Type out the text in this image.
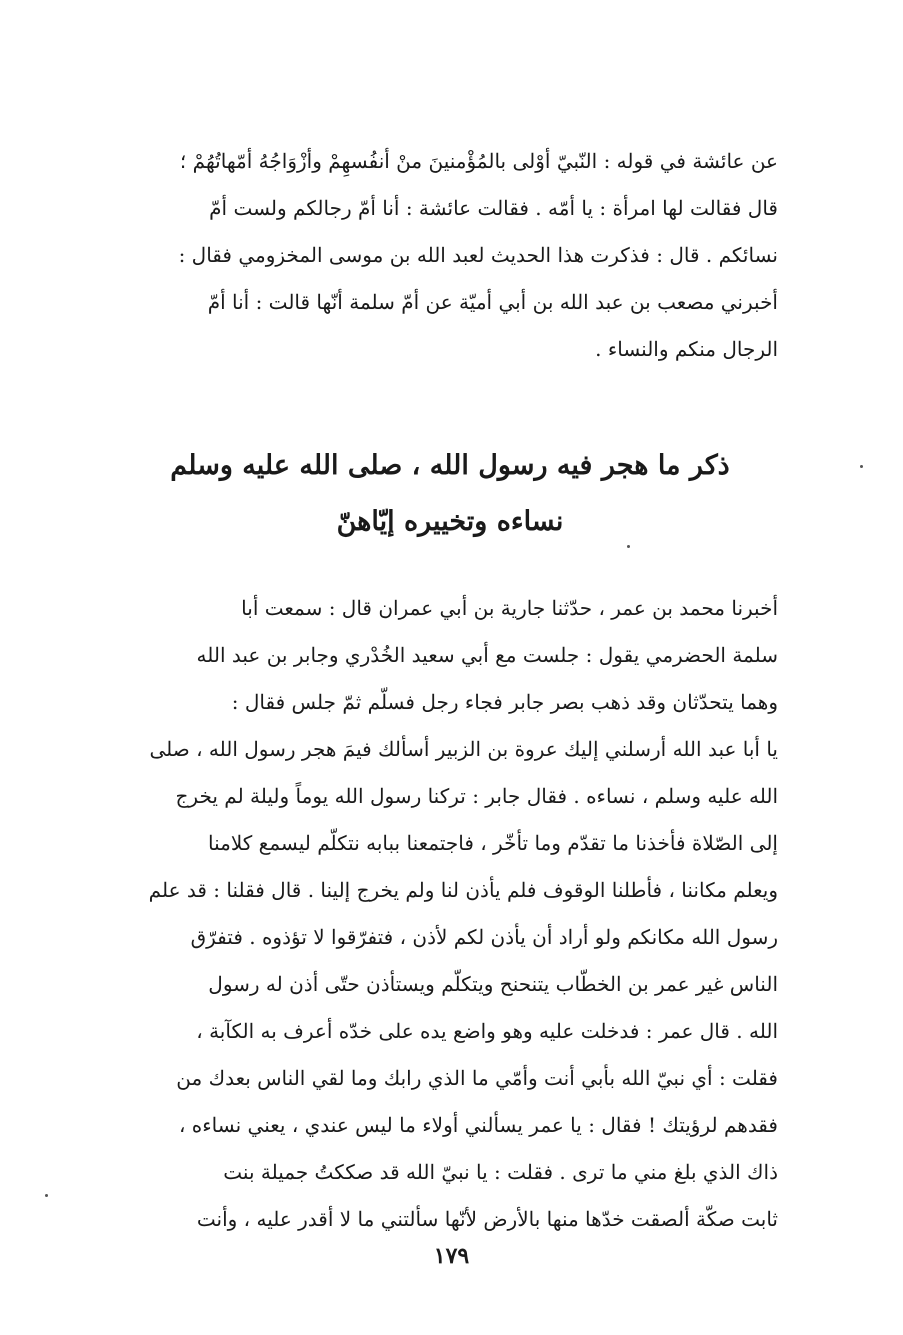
عن عائشة في قوله : النّبيّ أوْلى بالمُؤْمنينَ منْ أنفُسهِمْ وأزْوَاجُهُ أمّهاتُهُمْ ؛
قال فقالت لها امرأة : يا أمّه . فقالت عائشة : أنا أمّ رجالكم ولست أمّ
نسائكم . قال : فذكرت هذا الحديث لعبد الله بن موسى المخزومي فقال :
أخبرني مصعب بن عبد الله بن أبي أميّة عن أمّ سلمة أنّها قالت : أنا أمّ
الرجال منكم والنساء .
ذكر ما هجر فيه رسول الله ، صلى الله عليه وسلم
نساءه وتخييره إيّاهنّ
أخبرنا محمد بن عمر ، حدّثنا جارية بن أبي عمران قال : سمعت أبا
سلمة الحضرمي يقول : جلست مع أبي سعيد الخُدْري وجابر بن عبد الله
وهما يتحدّثان وقد ذهب بصر جابر فجاء رجل فسلّم ثمّ جلس فقال :
يا أبا عبد الله أرسلني إليك عروة بن الزبير أسألك فيمَ هجر رسول الله ، صلى
الله عليه وسلم ، نساءه . فقال جابر : تركنا رسول الله يوماً وليلة لم يخرج
إلى الصّلاة فأخذنا ما تقدّم وما تأخّر ، فاجتمعنا ببابه نتكلّم ليسمع كلامنا
ويعلم مكاننا ، فأطلنا الوقوف فلم يأذن لنا ولم يخرج إلينا . قال فقلنا : قد علم
رسول الله مكانكم ولو أراد أن يأذن لكم لأذن ، فتفرّقوا لا تؤذوه . فتفرّق
الناس غير عمر بن الخطّاب يتنحنح ويتكلّم ويستأذن حتّى أذن له رسول
الله . قال عمر : فدخلت عليه وهو واضع يده على خدّه أعرف به الكآبة ،
فقلت : أي نبيّ الله بأبي أنت وأمّي ما الذي رابك وما لقي الناس بعدك من
فقدهم لرؤيتك ! فقال : يا عمر يسألني أولاء ما ليس عندي ، يعني نساءه ،
ذاك الذي بلغ مني ما ترى . فقلت : يا نبيّ الله قد صككتُ جميلة بنت
ثابت صكّة ألصقت خدّها منها بالأرض لأنّها سألتني ما لا أقدر عليه ، وأنت
١٧٩
